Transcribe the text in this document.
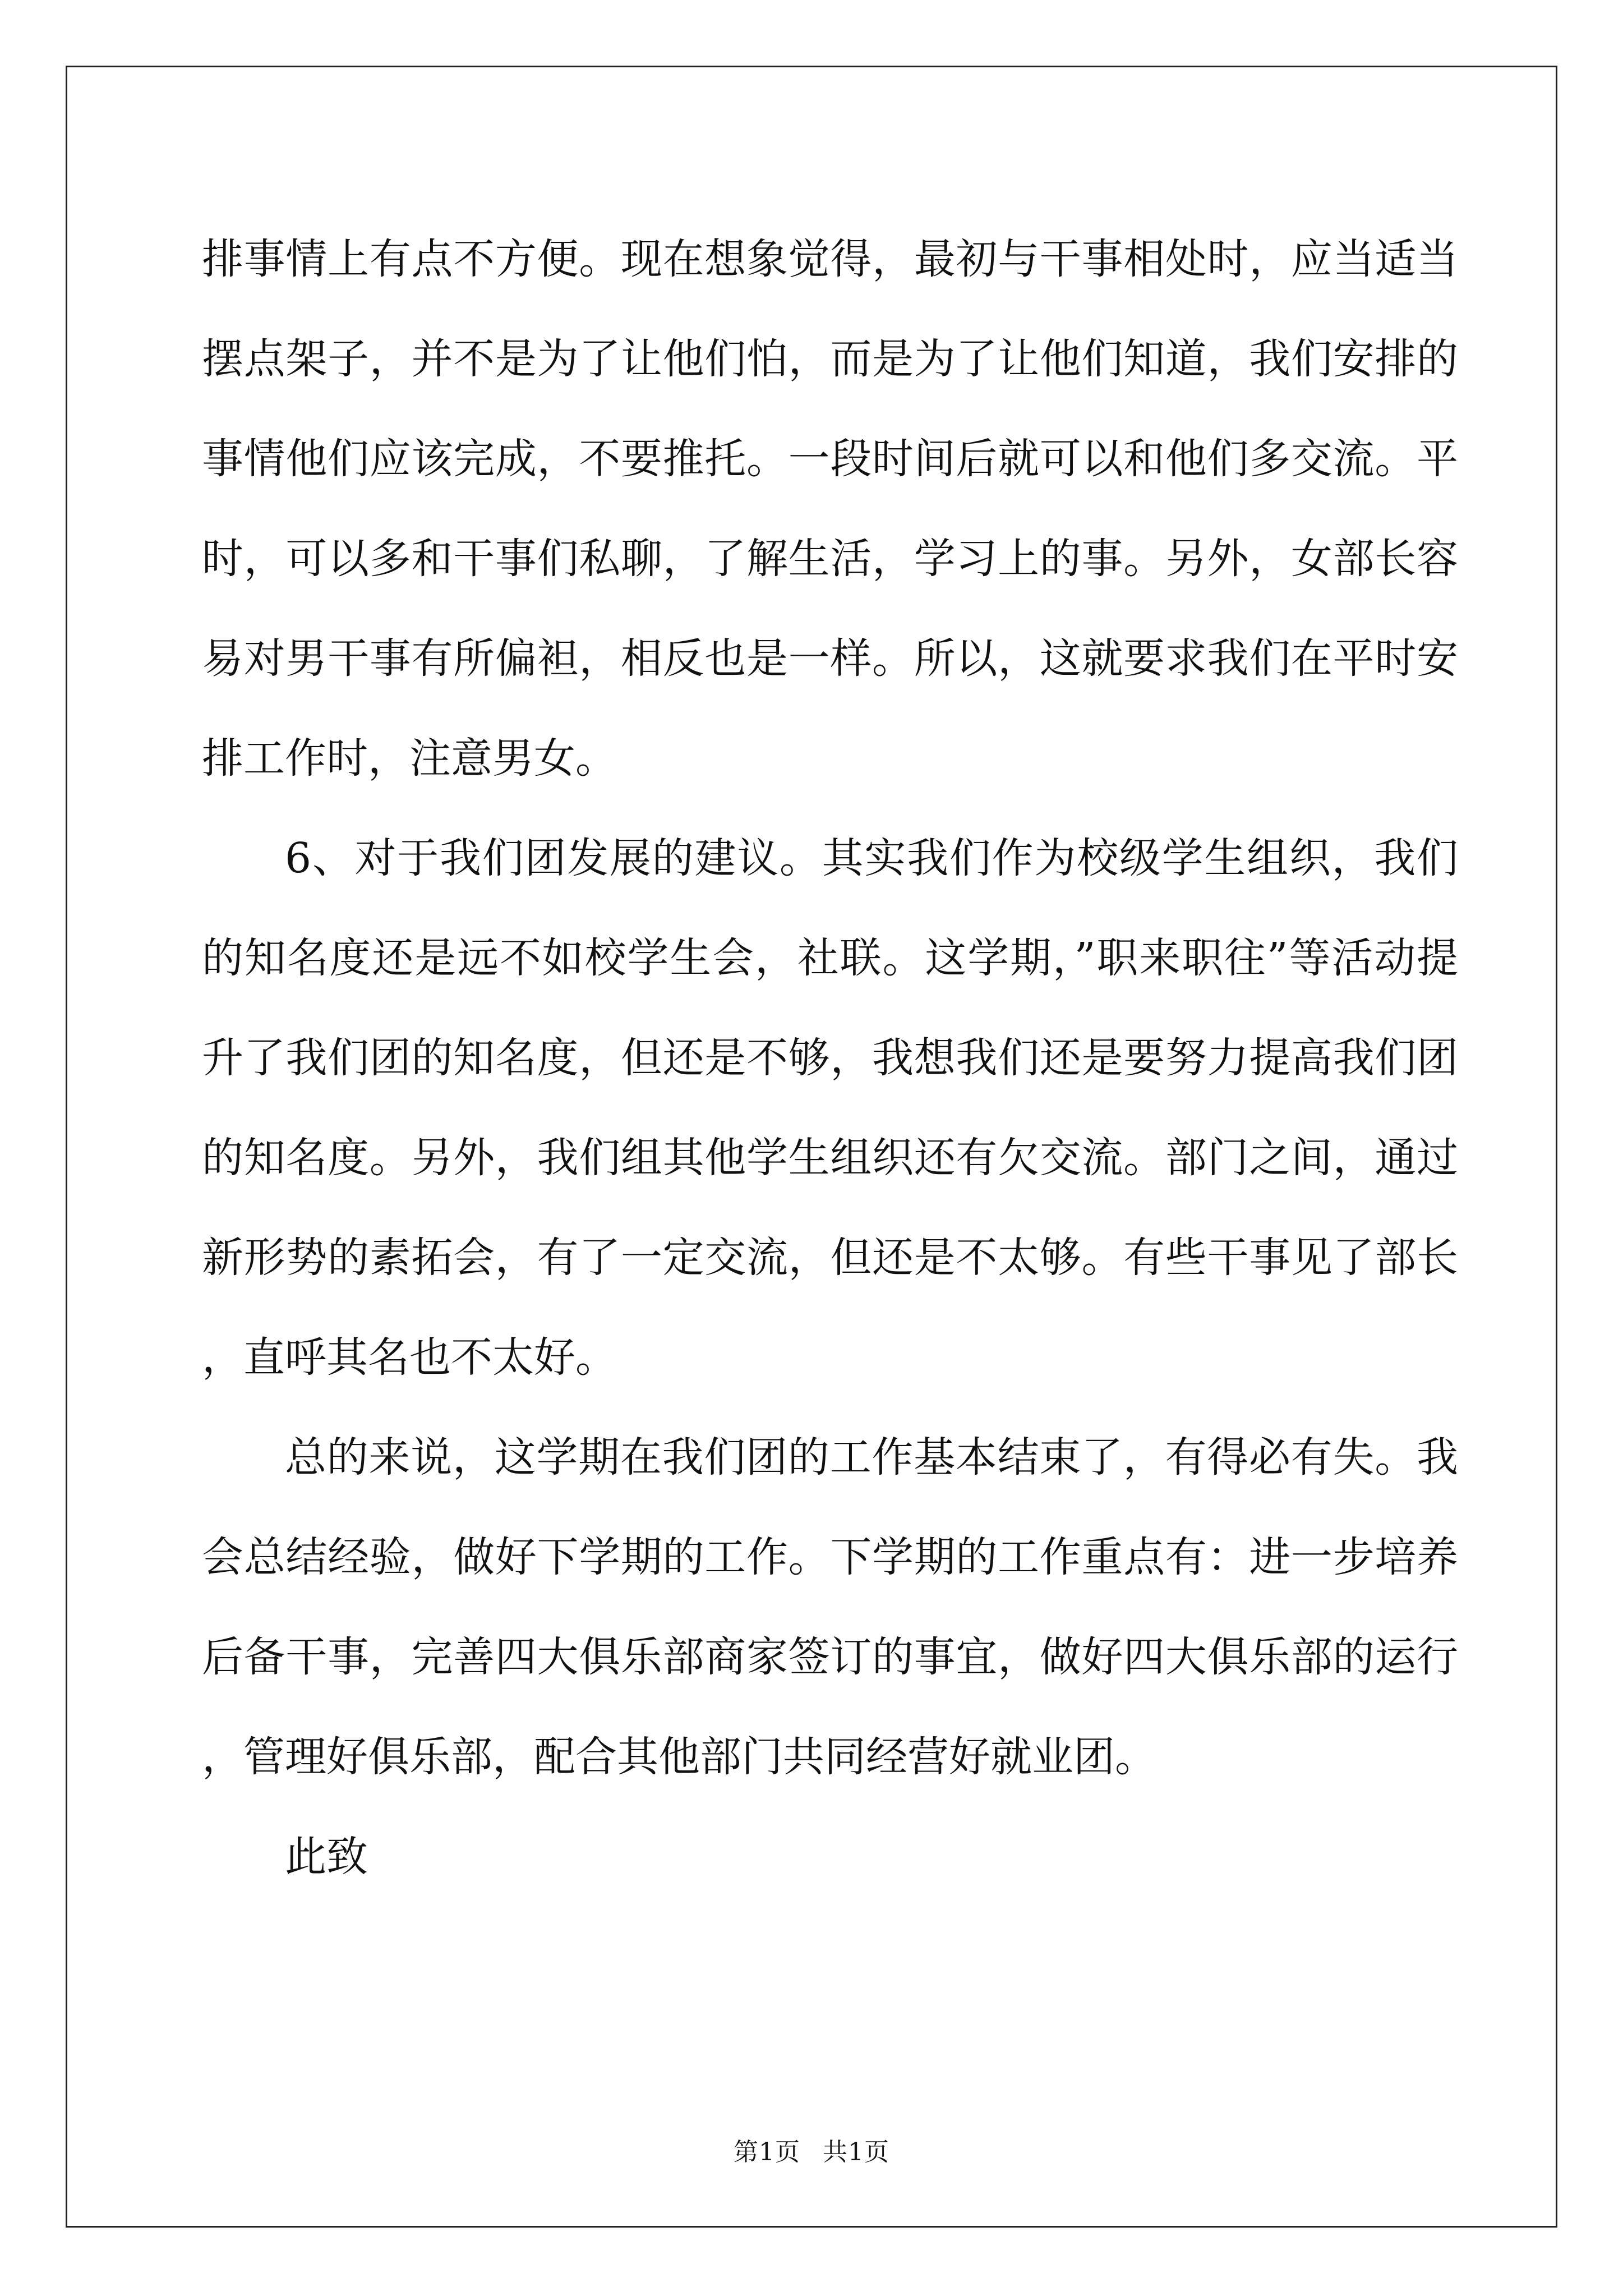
排事情上有点不方便。现在想象觉得，最初与干事相处时，应当适当摆点架子，并不是为了让他们怕，而是为了让他们知道，我们安排的事情他们应该完成，不要推托。一段时间后就可以和他们多交流。平时，可以多和干事们私聊，了解生活，学习上的事。另外，女部长容易对男干事有所偏袒，相反也是一样。所以，这就要求我们在平时安排工作时，注意男女。

6、对于我们团发展的建议。其实我们作为校级学生组织，我们的知名度还是远不如校学生会，社联。这学期，”职来职往”等活动提升了我们团的知名度，但还是不够，我想我们还是要努力提高我们团的知名度。另外，我们组其他学生组织还有欠交流。部门之间，通过新形势的素拓会，有了一定交流，但还是不太够。有些干事见了部长，直呼其名也不太好。

总的来说，这学期在我们团的工作基本结束了，有得必有失。我会总结经验，做好下学期的工作。下学期的工作重点有：进一步培养后备干事，完善四大俱乐部商家签订的事宜，做好四大俱乐部的运行，管理好俱乐部，配合其他部门共同经营好就业团。

此致

第1页 共1页
